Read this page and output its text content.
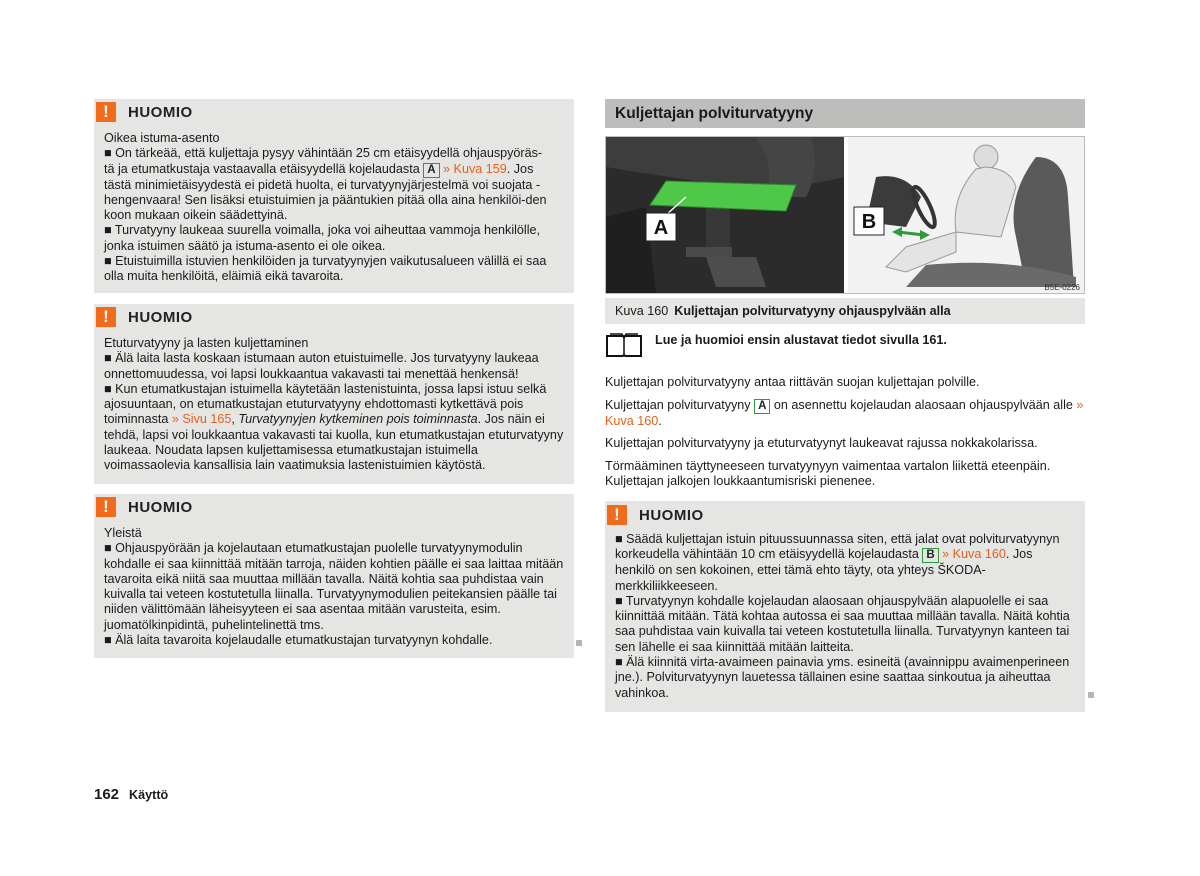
!	HUOMIO

Oikea istuma-asento

■ On tärkeää, että kuljettaja pysyy vähintään 25 cm etäisyydellä ohjauspyöräs-
tä ja etumatkustaja vastaavalla etäisyydellä kojelaudasta A » Kuva 159. Jos tästä minimietäisyydestä ei pidetä huolta, ei turvatyynyjärjestelmä voi suojata - hengenvaara! Sen lisäksi etuistuimien ja pääntukien pitää olla aina henkilöi-den koon mukaan oikein säädettyinä.

■ Turvatyyny laukeaa suurella voimalla, joka voi aiheuttaa vammoja henkilölle, jonka istuimen säätö ja istuma-asento ei ole oikea.

■ Etuistuimilla istuvien henkilöiden ja turvatyynyjen vaikutusalueen välillä ei saa olla muita henkilöitä, eläimiä eikä tavaroita.

!	HUOMIO

Etuturvatyyny ja lasten kuljettaminen

■ Älä laita lasta koskaan istumaan auton etuistuimelle. Jos turvatyyny laukeaa onnettomuudessa, voi lapsi loukkaantua vakavasti tai menettää henkensä!

■ Kun etumatkustajan istuimella käytetään lastenistuinta, jossa lapsi istuu selkä ajosuuntaan, on etumatkustajan etuturvatyyny ehdottomasti kytkettävä pois toiminnasta » Sivu 165, Turvatyynyjen kytkeminen pois toiminnasta. Jos näin ei tehdä, lapsi voi loukkaantua vakavasti tai kuolla, kun etumatkustajan etuturvatyyny laukeaa. Noudata lapsen kuljettamisessa etumatkustajan istuimella voimassaolevia kansallisia lain vaatimuksia lastenistuimien käytöstä.

!	HUOMIO

Yleistä

■ Ohjauspyörään ja kojelautaan etumatkustajan puolelle turvatyynymodulin kohdalle ei saa kiinnittää mitään tarroja, näiden kohtien päälle ei saa laittaa mitään tavaroita eikä niitä saa muuttaa millään tavalla. Näitä kohtia saa puhdistaa vain kuivalla tai veteen kostutetulla liinalla. Turvatyynymodulien peitekansien päälle tai niiden välittömään läheisyyteen ei saa asentaa mitään varusteita, esim. juomatölkinpidintä, puhelintelinettä tms.

■ Älä laita tavaroita kojelaudalle etumatkustajan turvatyynyn kohdalle.

Kuljettajan polviturvatyyny
A	B
B5E-0226
Kuva 160 Kuljettajan polviturvatyyny ohjauspylvään alla
Lue ja huomioi ensin alustavat tiedot sivulla 161.

Kuljettajan polviturvatyyny antaa riittävän suojan kuljettajan polville.

Kuljettajan polviturvatyyny A on asennettu kojelaudan alaosaan ohjauspylvään alle » Kuva 160.

Kuljettajan polviturvatyyny ja etuturvatyynyt laukeavat rajussa nokkakolarissa.

Törmääminen täyttyneeseen turvatyynyyn vaimentaa vartalon liikettä eteenpäin. Kuljettajan jalkojen loukkaantumisriski pienenee.

!	HUOMIO

■ Säädä kuljettajan istuin pituussuunnassa siten, että jalat ovat polviturvatyynyn korkeudella vähintään 10 cm etäisyydellä kojelaudasta B » Kuva 160. Jos henkilö on sen kokoinen, ettei tämä ehto täyty, ota yhteys ŠKODA-merkkiliikkeeseen.

■ Turvatyynyn kohdalle kojelaudan alaosaan ohjauspylvään alapuolelle ei saa kiinnittää mitään. Tätä kohtaa autossa ei saa muuttaa millään tavalla. Näitä kohtia saa puhdistaa vain kuivalla tai veteen kostutetulla liinalla. Turvatyynyn kanteen tai sen lähelle ei saa kiinnittää mitään laitteita.

■ Älä kiinnitä virta-avaimeen painavia yms. esineitä (avainnippu avaimenperineen jne.). Polviturvatyynyn lauetessa tällainen esine saattaa sinkoutua ja aiheuttaa vahinkoa.

162 Käyttö
